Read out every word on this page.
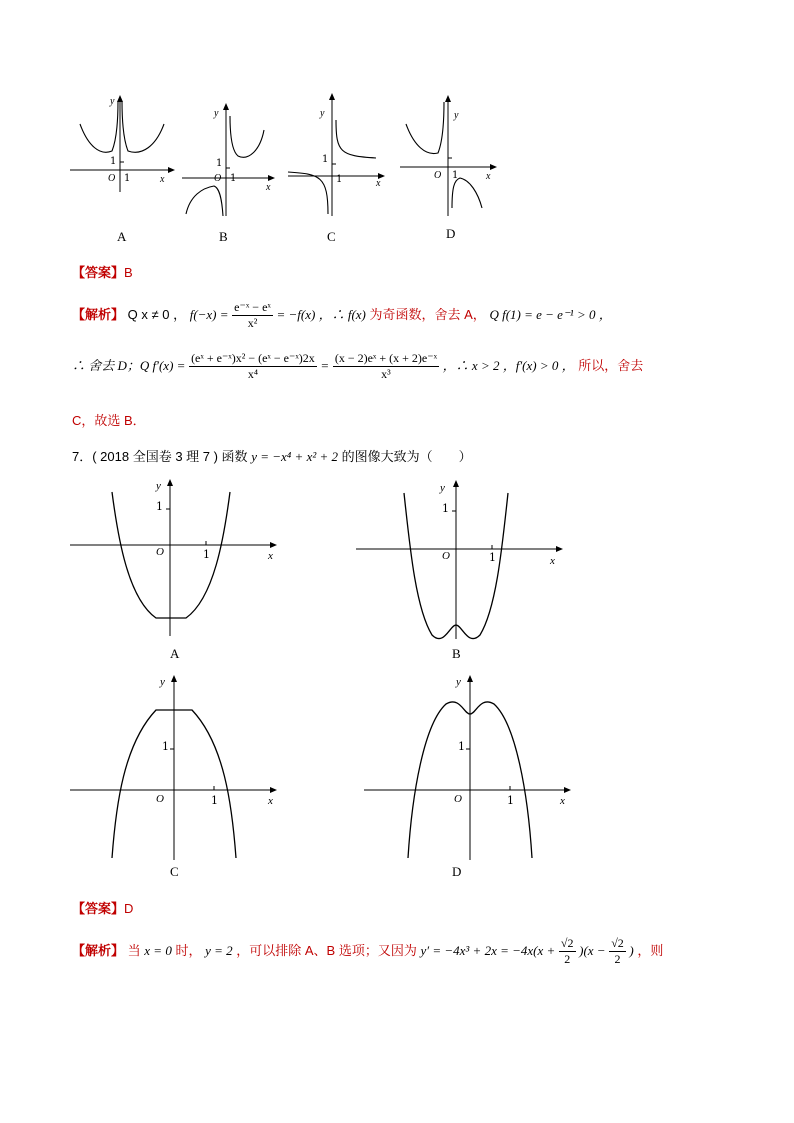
y
1
O 1	x
A
y
1
O 1
x
B
y
1
1	x
C
y
O 1	x
D
【答案】B
【解析】 Q x ≠ 0 ， $f(-x) = \frac{\text{e⁻ˣ − eˣ}}{\text{x²}} = -f(x)$ ，∴ f(x) 为奇函数，舍去 A， Q f(1) = e − e⁻¹ > 0 ，
∴ 舍去 D；Q $f'(x) = \frac{\text{(eˣ + e⁻ˣ)x² − (eˣ − e⁻ˣ)2x}}{\text{x⁴}} = \frac{\text{(x − 2)eˣ + (x + 2)e⁻ˣ}}{\text{x³}}$ ，∴ x > 2 ，f′(x) > 0 ， 所以，舍去
C，故选 B．
7．( 2018 全国卷 3 理 7 ) 函数 y = −x⁴ + x² + 2 的图像大致为（　　）
y
1
O	1	x
A
y
1
O	1	x
B
y
1
O	1	x
C
y
1
O	1	x
D
【答案】D
【解析】 当 x = 0 时， y = 2 ，可以排除 A、B 选项；又因为 $y' = -4x^3 + 2x = -4x(x + \frac{√2}{2} )(x - \frac{√2}{2}$ ) ，则
